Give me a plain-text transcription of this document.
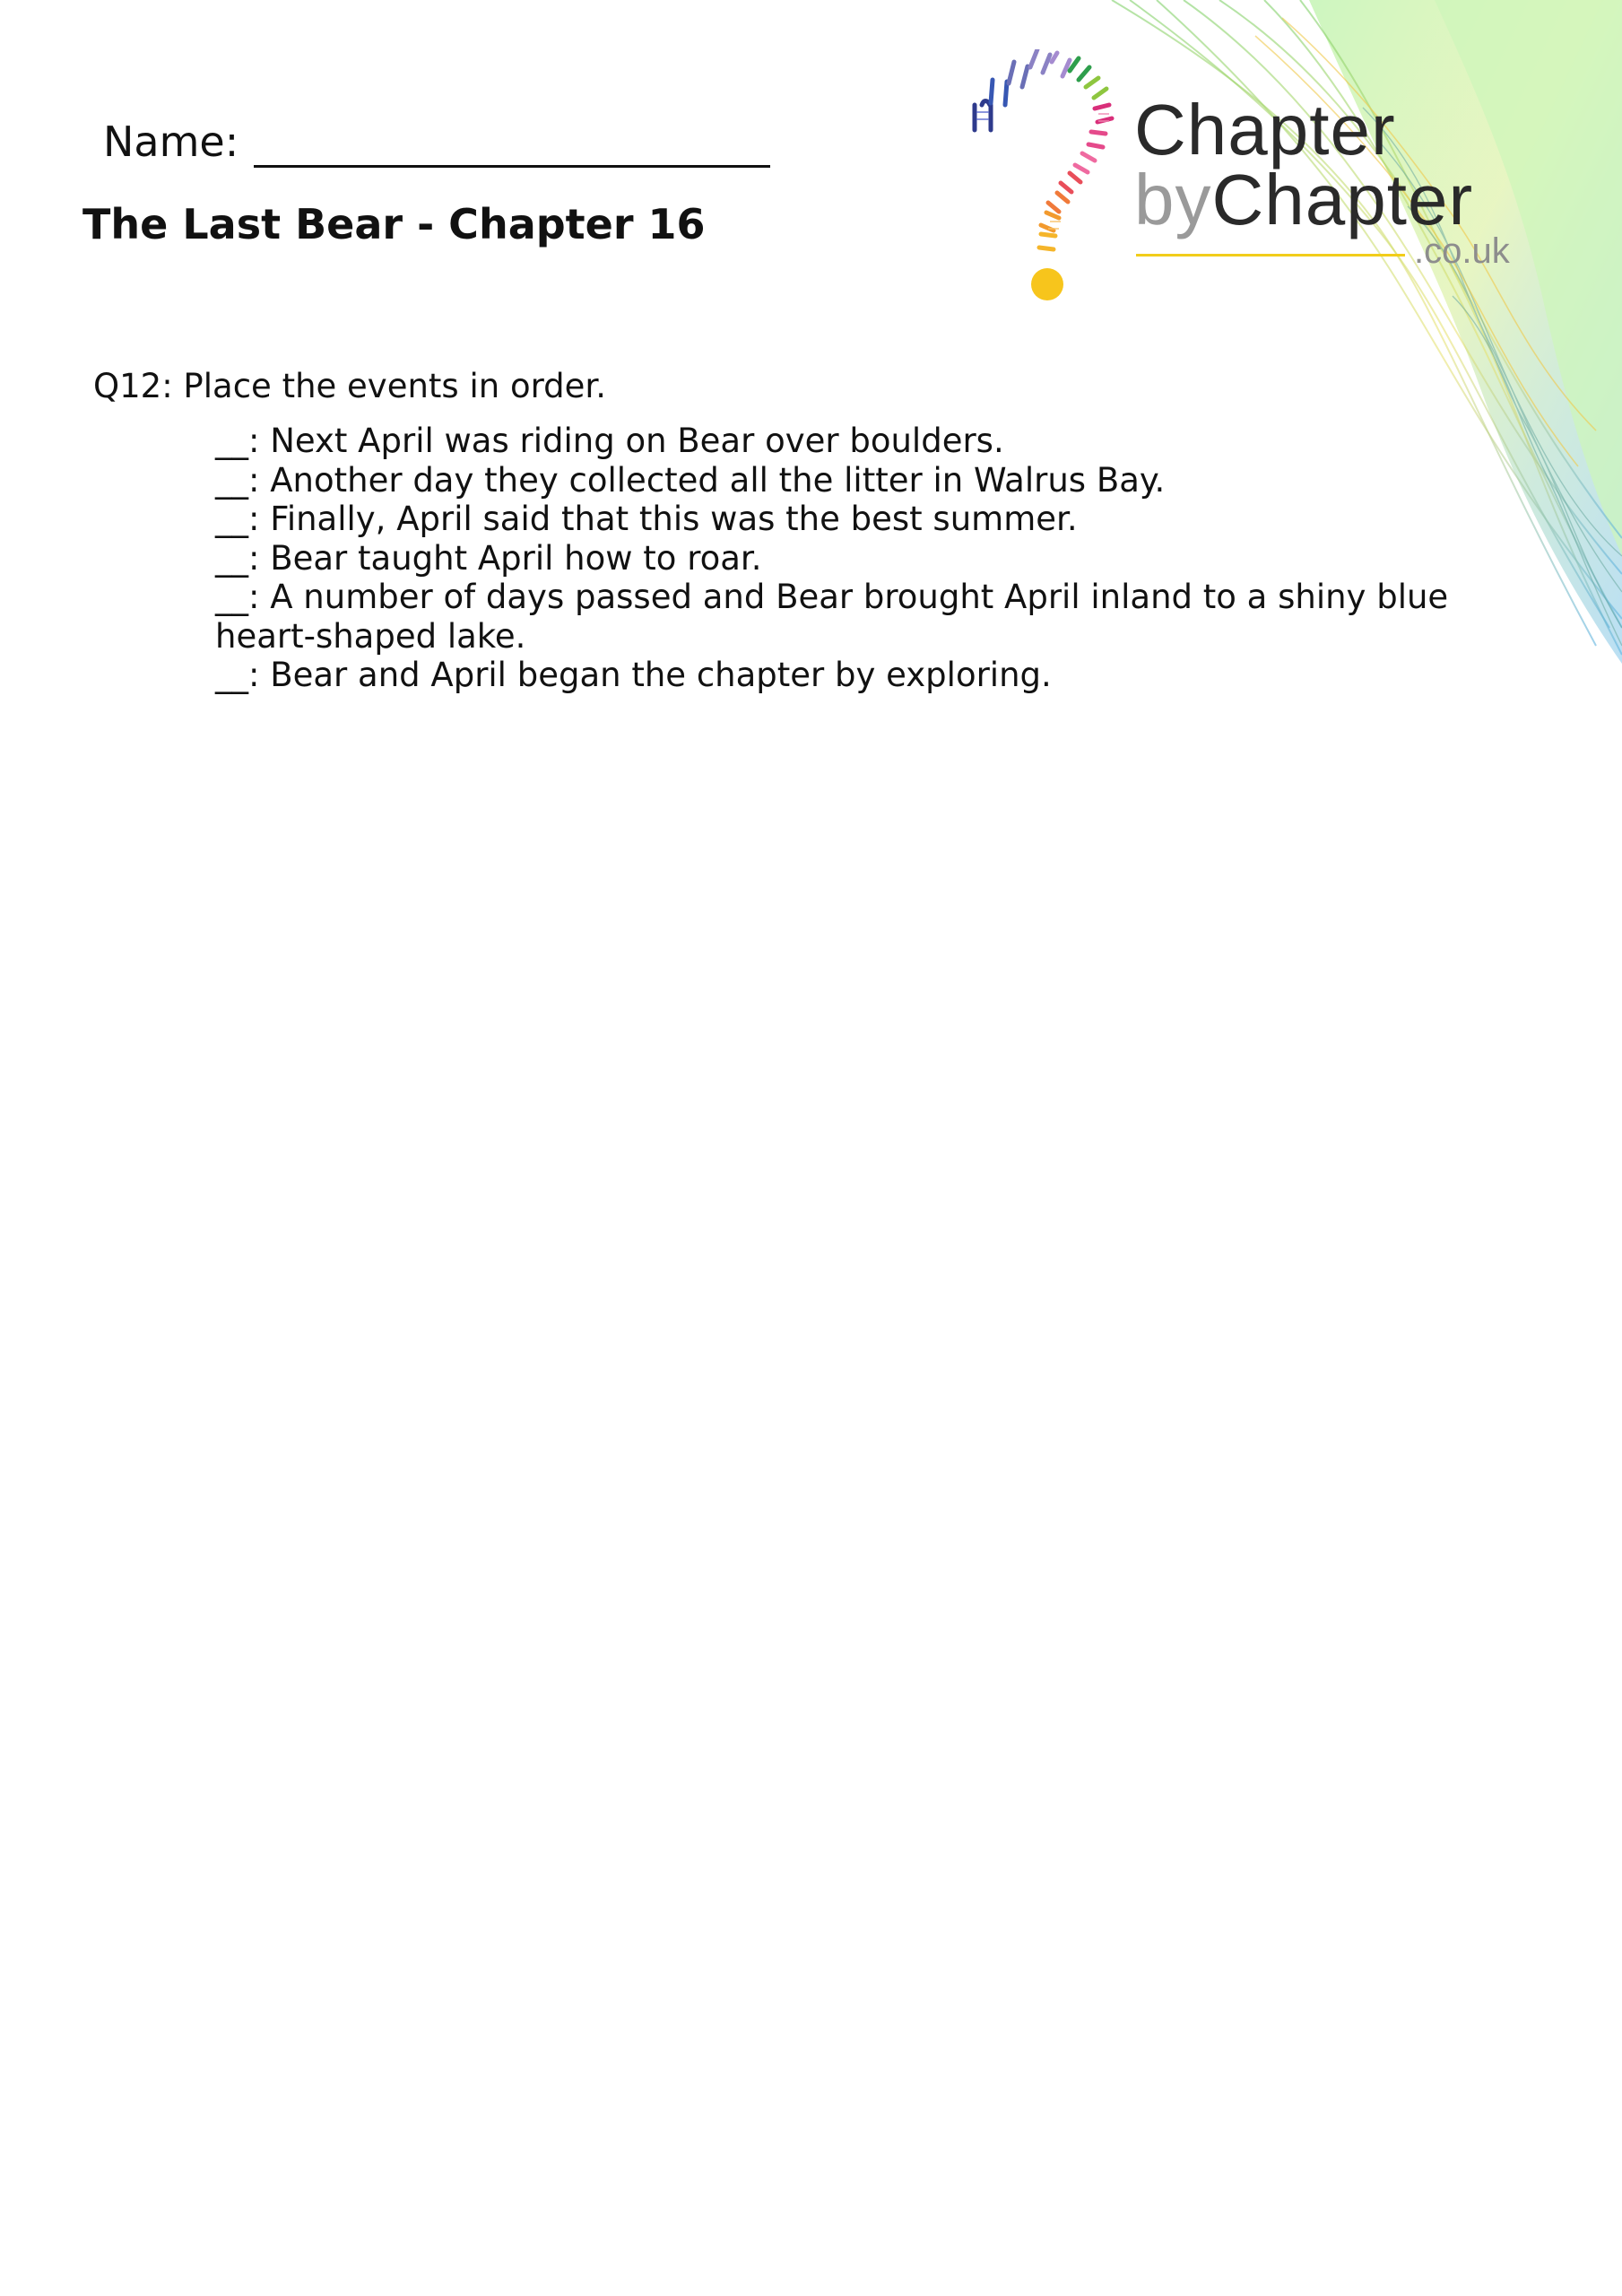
Name:
The Last Bear - Chapter 16
Chapter
byChapter
.co.uk
Q12: Place the events in order.
__: Next April was riding on Bear over boulders.
__: Another day they collected all the litter in Walrus Bay.
__: Finally, April said that this was the best summer.
__: Bear taught April how to roar.
__: A number of days passed and Bear brought April inland to a shiny blue heart-shaped lake.
__: Bear and April began the chapter by exploring.
